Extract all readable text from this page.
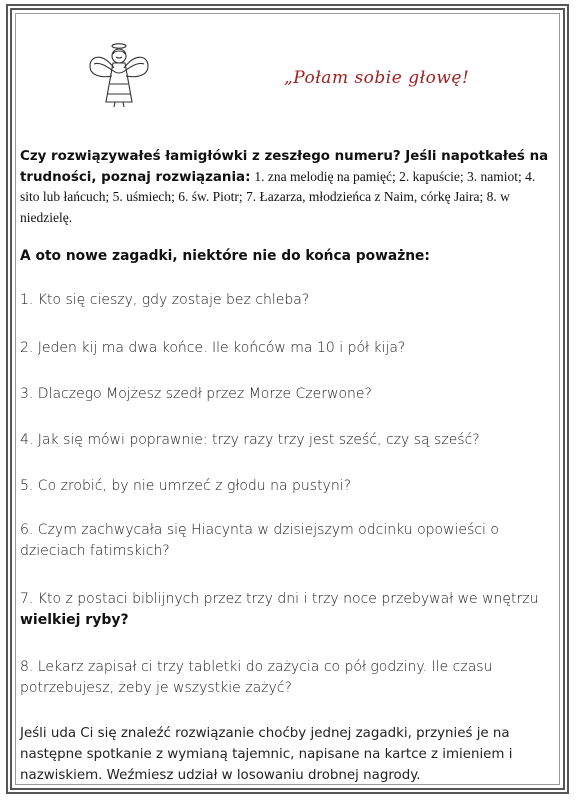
„Połam sobie głowę!
Czy rozwiązywałeś łamigłówki z zeszłego numeru? Jeśli napotkałeś na trudności, poznaj rozwiązania: 1. zna melodię na pamięć; 2. kapuście; 3. namiot; 4. sito lub łańcuch; 5. uśmiech; 6. św. Piotr; 7. Łazarza, młodzieńca z Naim, córkę Jaira; 8. w niedzielę.
A oto nowe zagadki, niektóre nie do końca poważne:
1. Kto się cieszy, gdy zostaje bez chleba?
2. Jeden kij ma dwa końce. Ile końców ma 10 i pół kija?
3. Dlaczego Mojżesz szedł przez Morze Czerwone?
4. Jak się mówi poprawnie: trzy razy trzy jest sześć, czy są sześć?
5. Co zrobić, by nie umrzeć z głodu na pustyni?
6. Czym zachwycała się Hiacynta w dzisiejszym odcinku opowieści o dzieciach fatimskich?
7. Kto z postaci biblijnych przez trzy dni i trzy noce przebywał we wnętrzu wielkiej ryby?
8. Lekarz zapisał ci trzy tabletki do zażycia co pół godziny. Ile czasu potrzebujesz, żeby je wszystkie zażyć?
Jeśli uda Ci się znaleźć rozwiązanie choćby jednej zagadki, przynieś je na następne spotkanie z wymianą tajemnic, napisane na kartce z imieniem i nazwiskiem. Weźmiesz udział w losowaniu drobnej nagrody.
